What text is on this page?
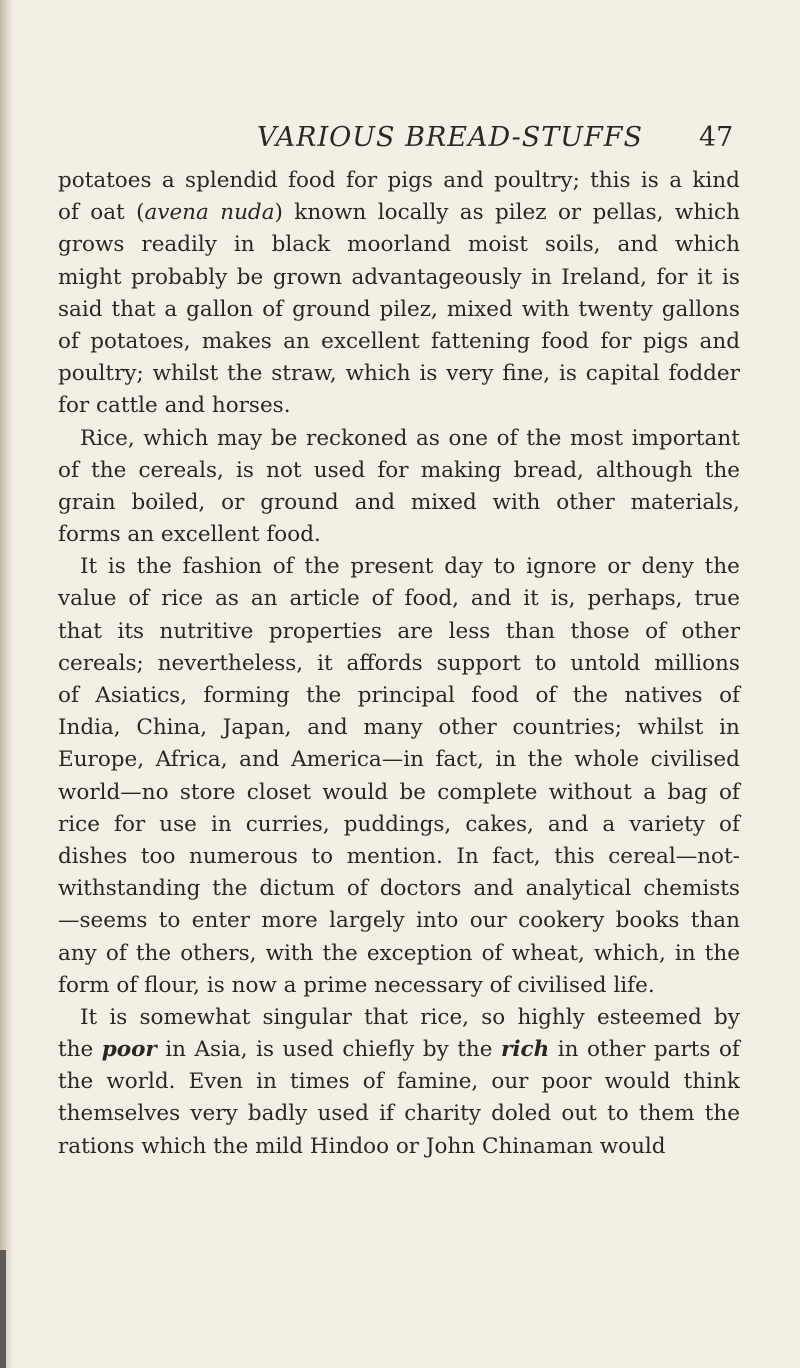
VARIOUS BREAD-STUFFS 47
potatoes a splendid food for pigs and poultry; this is a kind
of oat (avena nuda) known locally as pilez or pellas, which
grows readily in black moorland moist soils, and which
might probably be grown advantageously in Ireland, for it is
said that a gallon of ground pilez, mixed with twenty gallons
of potatoes, makes an excellent fattening food for pigs and
poultry; whilst the straw, which is very fine, is capital fodder
for cattle and horses.
Rice, which may be reckoned as one of the most important
of the cereals, is not used for making bread, although the
grain boiled, or ground and mixed with other materials,
forms an excellent food.
It is the fashion of the present day to ignore or deny the
value of rice as an article of food, and it is, perhaps, true
that its nutritive properties are less than those of other
cereals; nevertheless, it affords support to untold millions
of Asiatics, forming the principal food of the natives of
India, China, Japan, and many other countries; whilst in
Europe, Africa, and America—in fact, in the whole civilised
world—no store closet would be complete without a bag of
rice for use in curries, puddings, cakes, and a variety of
dishes too numerous to mention. In fact, this cereal—not-
withstanding the dictum of doctors and analytical chemists
—seems to enter more largely into our cookery books than
any of the others, with the exception of wheat, which, in the
form of flour, is now a prime necessary of civilised life.
It is somewhat singular that rice, so highly esteemed by
the poor in Asia, is used chiefly by the rich in other parts of
the world. Even in times of famine, our poor would think
themselves very badly used if charity doled out to them the
rations which the mild Hindoo or John Chinaman would
